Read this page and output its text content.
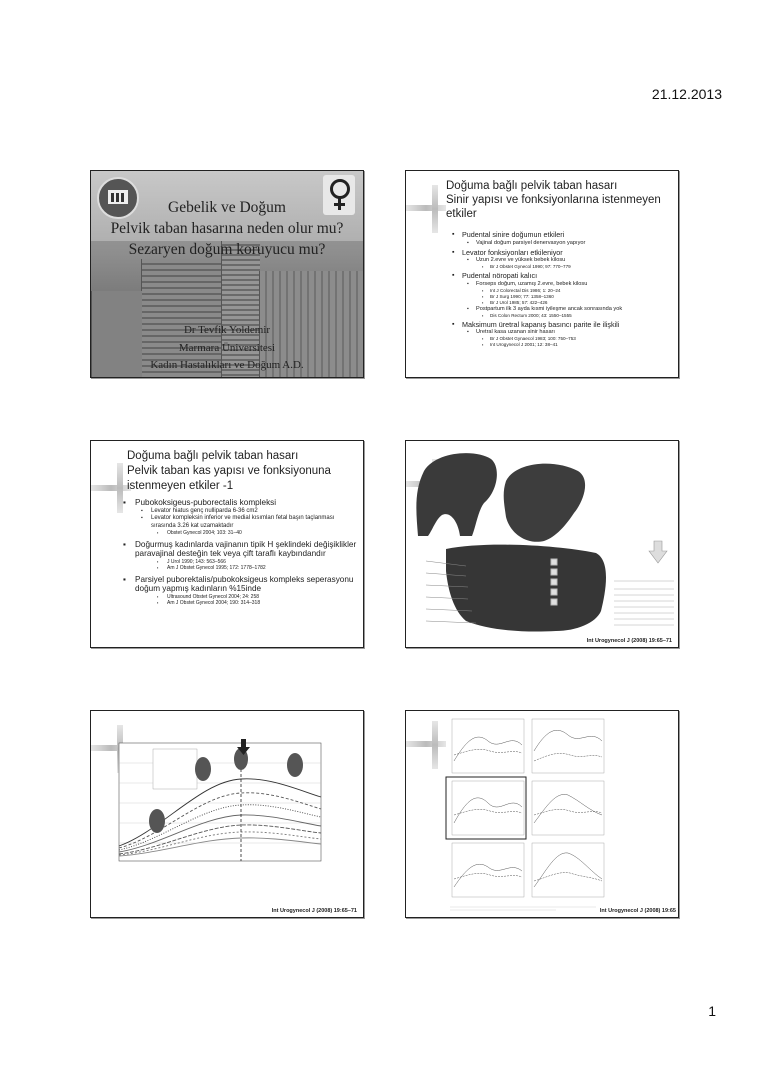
21.12.2013
1
Gebelik ve Doğum
Pelvik taban hasarına neden olur mu?
Sezaryen doğum koruyucu mu?
Dr Tevfik Yoldemir
Marmara Üniversitesi
Kadın Hastalıkları ve Doğum A.D.
Doğuma bağlı pelvik taban hasarı
Sinir yapısı ve fonksiyonlarına istenmeyen
etkiler
▪ Pudental sinire doğumun etkileri
▪ Vajinal doğum parsiyel denervasyon yapıyor
▪ Levator fonksiyonları etkileniyor
▪ Uzun 2.evre ve yüksek bebek kilosu
▪ Br J Obstet Gynecol 1990; 97: 770–779
▪ Pudental nöropati kalıcı
▪ Forseps doğum, uzamış 2.evre, bebek kilosu
▪ Int J Colorectal Dis 1986; 1: 20–24
▪ Br J Surg 1990; 77: 1358–1360
▪ Br J Urol 1985; 57: 422–426
▪ Postpartum ilk 3 ayda kısmi iyileşme ancak sonrasında yok
▪ Dis Colon Rectum 2000; 43: 1550–1555
▪ Maksimum üretral kapanış basıncı parite ile ilişkili
▪ Uretral kasa uzanan sinir hasarı
▪ Br J Obstet Gynaecol 1983; 100: 750–753
▪ Int Urogynecol J 2001; 12: 38–41
Doğuma bağlı pelvik taban hasarı
Pelvik taban kas yapısı ve fonksiyonuna
istenmeyen etkiler -1
▪ Pubokoksigeus-puborectalis kompleksi
▪ Levator hiatus genç nulliparda 6-36 cm2
▪ Levator kompleksin inferior ve medial kısımları fetal başın taçlanması sırasında 3.26 kat uzamaktadır
▪ Obstet Gynecol 2004; 103: 31–40
▪ Doğurmuş kadınlarda vajinanın tipik H şeklindeki değişiklikler paravajinal desteğin tek veya çift taraflı kaybındandır
▪ J Urol 1990; 143: 563–566
▪ Am J Obstet Gynecol 1995; 172: 1778–1782
▪ Parsiyel puborektalis/pubokoksigeus kompleks seperasyonu doğum yapmış kadınların %15inde
▪ Ultrasound Obstet Gynecol 2004; 24: 258
▪ Am J Obstet Gynecol 2004; 190: 314–318
Int Urogynecol J (2008) 19:65–71
Int Urogynecol J (2008) 19:65–71	Int Urogynecol J (2008) 19:65
